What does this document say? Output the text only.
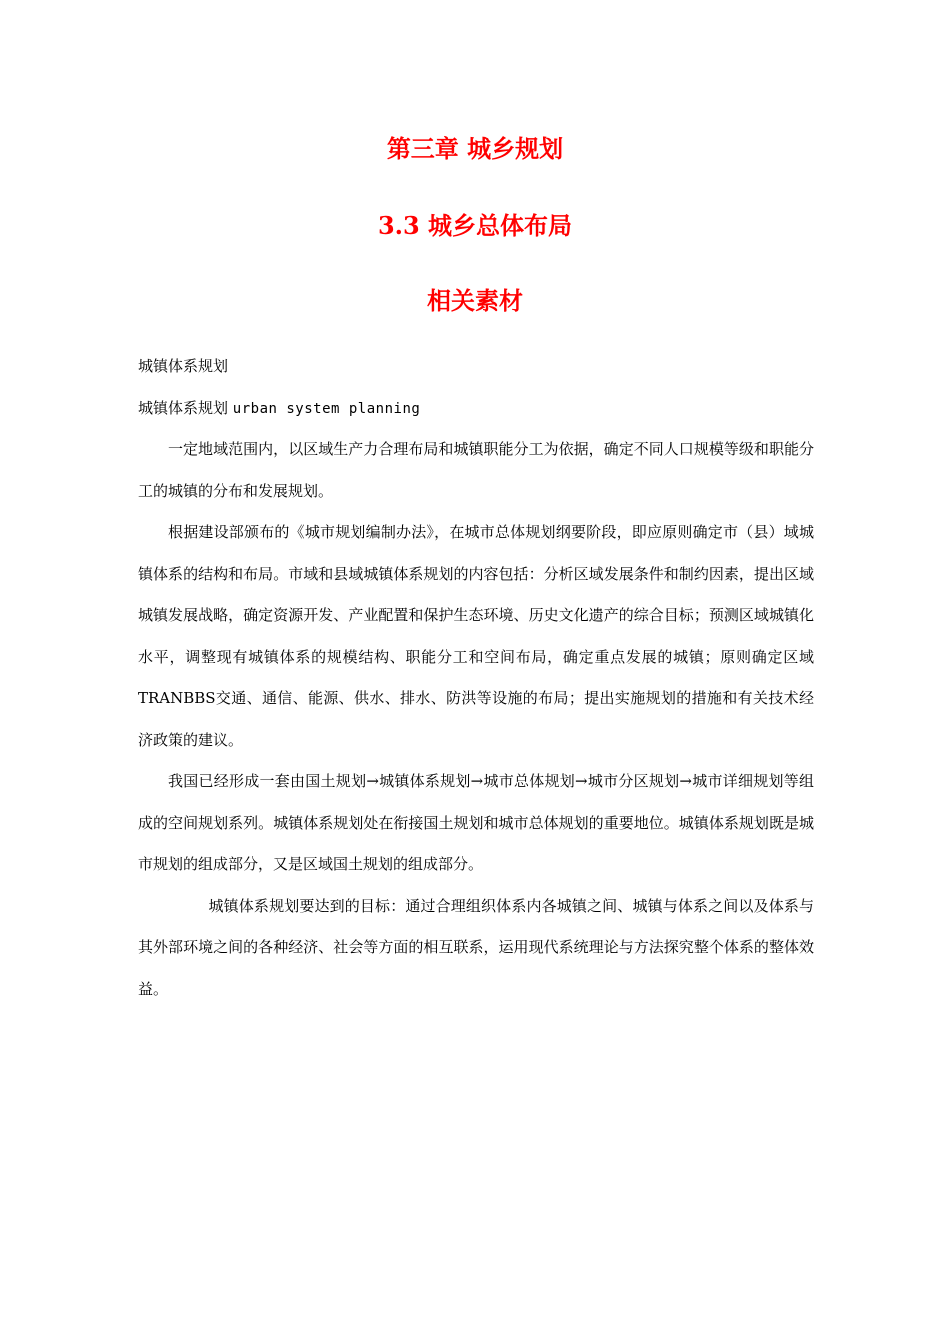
第三章 城乡规划
3.3 城乡总体布局
相关素材

城镇体系规划

城镇体系规划 urban system planning

一定地域范围内，以区域生产力合理布局和城镇职能分工为依据，确定不同人口规模等级和职能分工的城镇的分布和发展规划。

根据建设部颁布的《城市规划编制办法》，在城市总体规划纲要阶段，即应原则确定市（县）域城镇体系的结构和布局。市域和县域城镇体系规划的内容包括：分析区域发展条件和制约因素，提出区域城镇发展战略，确定资源开发、产业配置和保护生态环境、历史文化遗产的综合目标；预测区域城镇化水平，调整现有城镇体系的规模结构、职能分工和空间布局，确定重点发展的城镇；原则确定区域TRANBBS交通、通信、能源、供水、排水、防洪等设施的布局；提出实施规划的措施和有关技术经济政策的建议。

我国已经形成一套由国土规划→城镇体系规划→城市总体规划→城市分区规划→城市详细规划等组成的空间规划系列。城镇体系规划处在衔接国土规划和城市总体规划的重要地位。城镇体系规划既是城市规划的组成部分，又是区域国土规划的组成部分。

城镇体系规划要达到的目标：通过合理组织体系内各城镇之间、城镇与体系之间以及体系与其外部环境之间的各种经济、社会等方面的相互联系，运用现代系统理论与方法探究整个体系的整体效益。
